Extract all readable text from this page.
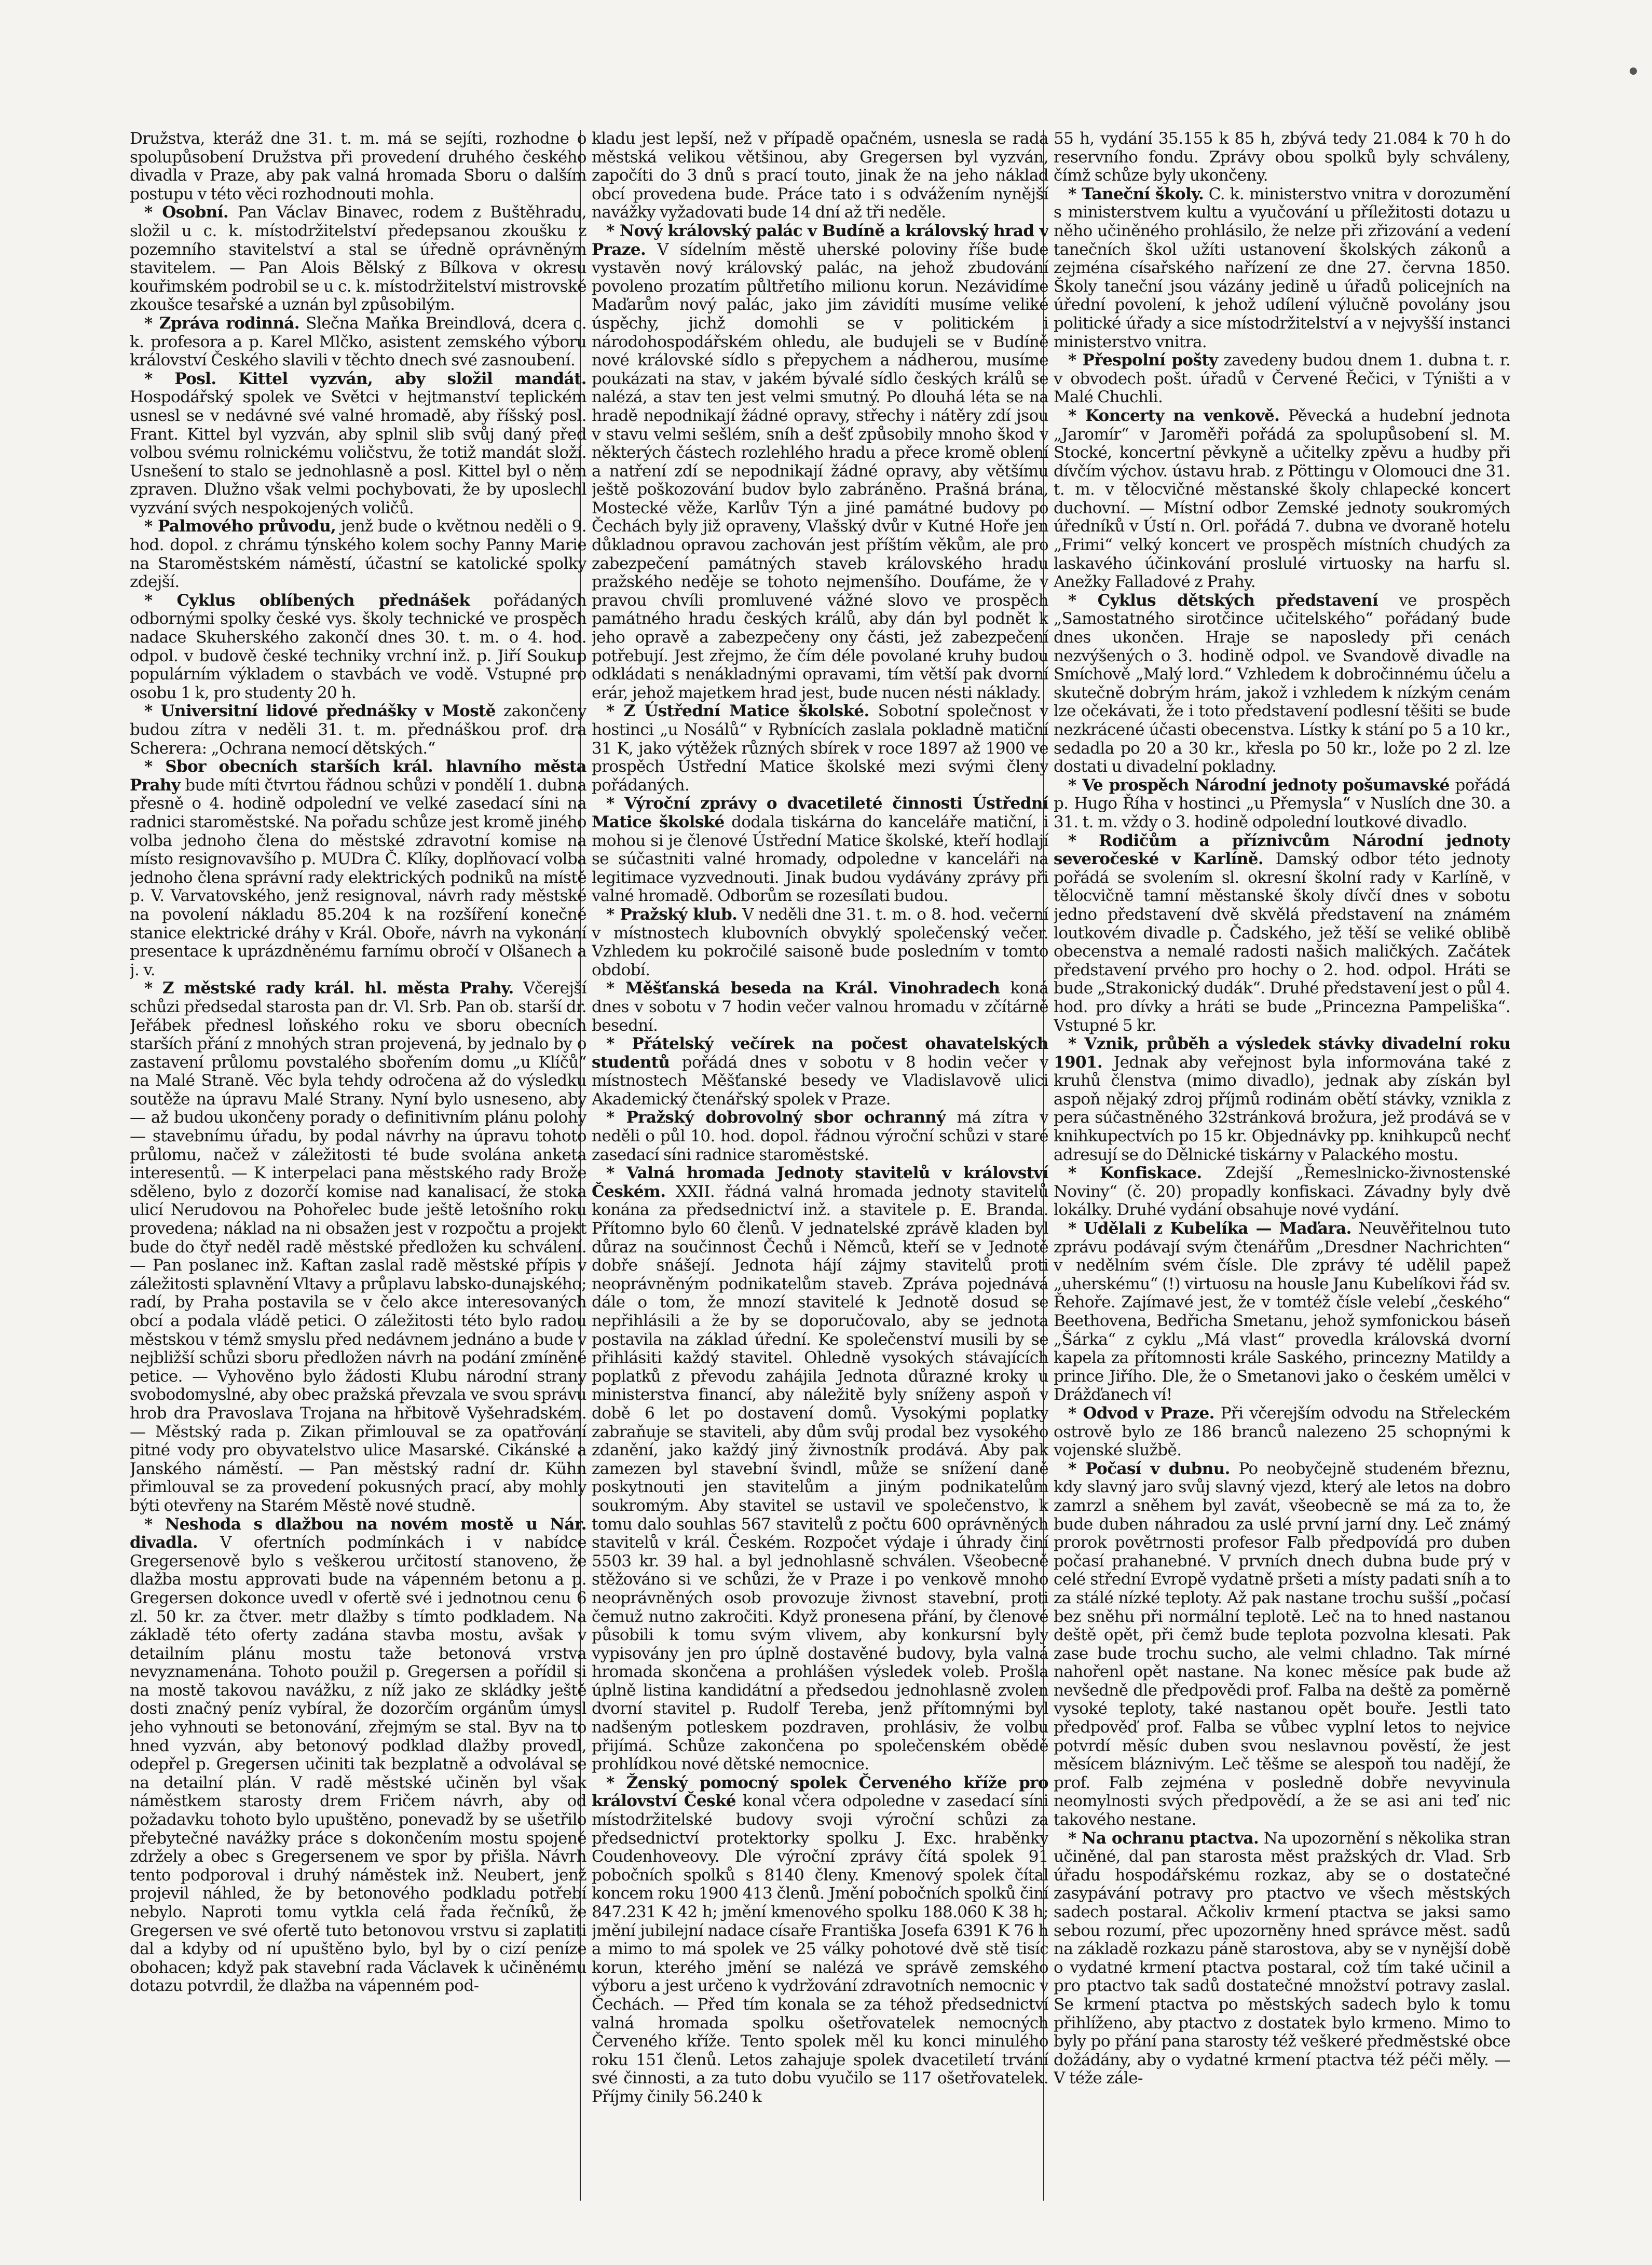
Družstva, kteráž dne 31. t. m. má se sejíti, rozhodne o spolupůsobení Družstva při provedení druhého českého divadla v Praze, aby pak valná hromada Sboru o dalším postupu v této věci rozhodnouti mohla.

* Osobní. Pan Václav Binavec, rodem z Buštěhradu, složil u c. k. místodržitelství předepsanou zkoušku z pozemního stavitelství a stal se úředně oprávněným stavitelem. — Pan Alois Bělský z Bílkova v okresu kouřimském podrobil se u c. k. místodržitelství mistrovské zkoušce tesařské a uznán byl způsobilým.

* Zpráva rodinná. Slečna Maňka Breindlová, dcera c. k. profesora a p. Karel Mlčko, asistent zemského výboru království Českého slavili v těchto dnech své zasnoubení.

* Posl. Kittel vyzván, aby složil mandát. Hospodářský spolek ve Světci v hejtmanství teplickém usnesl se v nedávné své valné hromadě, aby říšský posl. Frant. Kittel byl vyzván, aby splnil slib svůj daný před volbou svému rolnickému voličstvu, že totiž mandát složí. Usnešení to stalo se jednohlasně a posl. Kittel byl o něm zpraven. Dlužno však velmi pochybovati, že by uposlechl vyzvání svých nespokojených voličů.

* Palmového průvodu, jenž bude o květnou neděli o 9. hod. dopol. z chrámu týnského kolem sochy Panny Marie na Staroměstském náměstí, účastní se katolické spolky zdejší.

* Cyklus oblíbených přednášek pořádaných odbornými spolky české vys. školy technické ve prospěch nadace Skuherského zakončí dnes 30. t. m. o 4. hod. odpol. v budově české techniky vrchní inž. p. Jiří Soukup populárním výkladem o stavbách ve vodě. Vstupné pro osobu 1 k, pro studenty 20 h.

* Universitní lidové přednášky v Mostě zakončeny budou zítra v neděli 31. t. m. přednáškou prof. dra Scherera: „Ochrana nemocí dětských.“

* Sbor obecních starších král. hlavního města Prahy bude míti čtvrtou řádnou schůzi v pondělí 1. dubna přesně o 4. hodině odpolední ve velké zasedací síni na radnici staroměstské. Na pořadu schůze jest kromě jiného volba jednoho člena do městské zdravotní komise na místo resignovavšího p. MUDra Č. Klíky, doplňovací volba jednoho člena správní rady elektrických podniků na místě p. V. Varvatovského, jenž resignoval, návrh rady městské na povolení nákladu 85.204 k na rozšíření konečné stanice elektrické dráhy v Král. Oboře, návrh na vykonání presentace k uprázdněnému farnímu obročí v Olšanech a j. v.

* Z městské rady král. hl. města Prahy. Včerejší schůzi předsedal starosta pan dr. Vl. Srb. Pan ob. starší dr. Jeřábek přednesl loňského roku ve sboru obecních starších přání z mnohých stran projevená, by jednalo by o zastavení průlomu povstalého sbořením domu „u Klíčů“ na Malé Straně. Věc byla tehdy odročena až do výsledku soutěže na úpravu Malé Strany. Nyní bylo usneseno, aby — až budou ukončeny porady o definitivním plánu polohy — stavebnímu úřadu, by podal návrhy na úpravu tohoto průlomu, načež v záležitosti té bude svolána anketa interesentů. — K interpelaci pana městského rady Brože sděleno, bylo z dozorčí komise nad kanalisací, že stoka ulicí Nerudovou na Pohořelec bude ještě letošního roku provedena; náklad na ni obsažen jest v rozpočtu a projekt bude do čtyř neděl radě městské předložen ku schválení. — Pan poslanec inž. Kaftan zaslal radě městské přípis v záležitosti splavnění Vltavy a průplavu labsko-dunajského; radí, by Praha postavila se v čelo akce interesovaných obcí a podala vládě petici. O záležitosti této bylo radou městskou v témž smyslu před nedávnem jednáno a bude v nejbližší schůzi sboru předložen návrh na podání zmíněné petice. — Vyhověno bylo žádosti Klubu národní strany svobodomyslné, aby obec pražská převzala ve svou správu hrob dra Pravoslava Trojana na hřbitově Vyšehradském. — Městský rada p. Zikan přimlouval se za opatřování pitné vody pro obyvatelstvo ulice Masarské. Cikánské a Janského náměstí. — Pan městský radní dr. Kühn přimlouval se za provedení pokusných prací, aby mohly býti otevřeny na Starém Městě nové studně.

* Neshoda s dlažbou na novém mostě u Nár. divadla. V ofertních podmínkách i v nabídce Gregersenově bylo s veškerou určitostí stanoveno, že dlažba mostu approvati bude na vápenném betonu a p. Gregersen dokonce uvedl v ofertě své i jednotnou cenu 6 zl. 50 kr. za čtver. metr dlažby s tímto podkladem. Na základě této oferty zadána stavba mostu, avšak v detailním plánu mostu taže betonová vrstva nevyznamenána. Tohoto použil p. Gregersen a pořídil si na mostě takovou navážku, z níž jako ze skládky ještě dosti značný peníz vybíral, že dozorčím orgánům úmysl jeho vyhnouti se betonování, zřejmým se stal. Byv na to hned vyzván, aby betonový podklad dlažby provedl, odepřel p. Gregersen učiniti tak bezplatně a odvolával se na detailní plán. V radě městské učiněn byl však náměstkem starosty drem Fričem návrh, aby od požadavku tohoto bylo upuštěno, ponevadž by se ušetřilo přebytečné navážky práce s dokončením mostu spojené zdržely a obec s Gregersenem ve spor by přišla. Návrh tento podporoval i druhý náměstek inž. Neubert, jenž projevil náhled, že by betonového podkladu potřebí nebylo. Naproti tomu vytkla celá řada řečníků, že Gregersen ve své ofertě tuto betonovou vrstvu si zaplatiti dal a kdyby od ní upuštěno bylo, byl by o cizí peníze obohacen; když pak stavební rada Václavek k učiněnému dotazu potvrdil, že dlažba na vápenném pod-

kladu jest lepší, než v případě opačném, usnesla se rada městská velikou většinou, aby Gregersen byl vyzván, započíti do 3 dnů s prací touto, jinak že na jeho náklad obcí provedena bude. Práce tato i s odvážením nynější navážky vyžadovati bude 14 dní až tři neděle.

* Nový královský palác v Budíně a královský hrad v Praze. V sídelním městě uherské poloviny říše bude vystavěn nový královský palác, na jehož zbudování povoleno prozatím půltřetího milionu korun. Nezávidíme Maďarům nový palác, jako jim závidíti musíme veliké úspěchy, jichž domohli se v politickém i národohospodářském ohledu, ale budujeli se v Budíně nové královské sídlo s přepychem a nádherou, musíme poukázati na stav, v jakém bývalé sídlo českých králů se nalézá, a stav ten jest velmi smutný. Po dlouhá léta se na hradě nepodnikají žádné opravy, střechy i nátěry zdí jsou v stavu velmi sešlém, sníh a dešť způsobily mnoho škod v některých částech rozlehlého hradu a přece kromě oblení a natření zdí se nepodnikají žádné opravy, aby většímu ještě poškozování budov bylo zabráněno. Prašná brána, Mostecké věže, Karlův Týn a jiné památné budovy po Čechách byly již opraveny, Vlašský dvůr v Kutné Hoře jen důkladnou opravou zachován jest příštím věkům, ale pro zabezpečení památných staveb královského hradu pražského neděje se tohoto nejmenšího. Doufáme, že v pravou chvíli promluvené vážné slovo ve prospěch památného hradu českých králů, aby dán byl podnět k jeho opravě a zabezpečeny ony části, jež zabezpečení potřebují. Jest zřejmo, že čím déle povolané kruhy budou odkládati s nenákladnými opravami, tím větší pak dvorní erár, jehož majetkem hrad jest, bude nucen nésti náklady.

* Z Ústřední Matice školské. Sobotní společnost v hostinci „u Nosálů“ v Rybnících zaslala pokladně matiční 31 K, jako výtěžek různých sbírek v roce 1897 až 1900 ve prospěch Ústřední Matice školské mezi svými členy pořádaných.

* Výroční zprávy o dvacetileté činnosti Ústřední Matice školské dodala tiskárna do kanceláře matiční, i mohou si je členové Ústřední Matice školské, kteří hodlají se súčastniti valné hromady, odpoledne v kanceláři na legitimace vyzvednouti. Jinak budou vydávány zprávy při valné hromadě. Odborům se rozesílati budou.

* Pražský klub. V neděli dne 31. t. m. o 8. hod. večerní v místnostech klubovních obvyklý společenský večer. Vzhledem ku pokročilé saisoně bude posledním v tomto období.

* Měšťanská beseda na Král. Vinohradech koná dnes v sobotu v 7 hodin večer valnou hromadu v zčítárně besední.

* Přátelský večírek na počest ohavatelských studentů pořádá dnes v sobotu v 8 hodin večer v místnostech Měšťanské besedy ve Vladislavově ulici Akademický čtenářský spolek v Praze.

* Pražský dobrovolný sbor ochranný má zítra v neděli o půl 10. hod. dopol. řádnou výroční schůzi v staré zasedací síni radnice staroměstské.

* Valná hromada Jednoty stavitelů v království Českém. XXII. řádná valná hromada jednoty stavitelů konána za předsednictví inž. a stavitele p. E. Brandа. Přítomno bylo 60 členů. V jednatelské zprávě kladen byl důraz na součinnost Čechů i Němců, kteří se v Jednotě dobře snášejí. Jednota hájí zájmy stavitelů proti neoprávněným podnikatelům staveb. Zpráva pojednává dále o tom, že mnozí stavitelé k Jednotě dosud se nepřihlásili a že by se doporučovalo, aby se jednota postavila na základ úřední. Ke společenství musili by se přihlásiti každý stavitel. Ohledně vysokých stávajících poplatků z převodu zahájila Jednota důrazné kroky u ministerstva financí, aby náležitě byly sníženy aspoň v době 6 let po dostavení domů. Vysokými poplatky zabraňuje se staviteli, aby dům svůj prodal bez vysokého zdanění, jako každý jiný živnostník prodává. Aby pak zamezen byl stavební švindl, může se snížení daně poskytnouti jen stavitelům a jiným podnikatelům soukromým. Aby stavitel se ustavil ve společenstvo, k tomu dalo souhlas 567 stavitelů z počtu 600 oprávněných stavitelů v král. Českém. Rozpočet výdaje i úhrady činí 5503 kr. 39 hal. a byl jednohlasně schválen. Všeobecně stěžováno si ve schůzi, že v Praze i po venkově mnoho neoprávněných osob provozuje živnost stavební, proti čemuž nutno zakročiti. Když pronesena přání, by členové působili k tomu svým vlivem, aby konkursní byly vypisovány jen pro úplně dostavěné budovy, byla valná hromada skončena a prohlášen výsledek voleb. Prošla úplně listina kandidátní a předsedou jednohlasně zvolen dvorní stavitel p. Rudolf Tereba, jenž přítomnými byl nadšeným potleskem pozdraven, prohlásiv, že volbu přijímá. Schůze zakončena po společenském obědě prohlídkou nové dětské nemocnice.

* Ženský pomocný spolek Červeného kříže pro království České konal včera odpoledne v zasedací síni místodržitelské budovy svoji výroční schůzi za předsednictví protektorky spolku J. Exc. hraběnky Coudenhoveovy. Dle výroční zprávy čítá spolek 91 pobočních spolků s 8140 členy. Kmenový spolek čítal koncem roku 1900 413 členů. Jmění pobočních spolků činí 847.231 K 42 h; jmění kmenového spolku 188.060 K 38 h; jmění jubilejní nadace císaře Františka Josefa 6391 K 76 h a mimo to má spolek ve 25 války pohotové dvě stě tisíc korun, kterého jmění se nalézá ve správě zemského výboru a jest určeno k vydržování zdravotních nemocnic v Čechách. — Před tím konala se za téhož předsednictví valná hromada spolku ošetřovatelek nemocných Červeného kříže. Tento spolek měl ku konci minulého roku 151 členů. Letos zahajuje spolek dvacetiletí trvání své činnosti, a za tuto dobu vyučilo se 117 ošetřovatelek. Příjmy činily 56.240 k

55 h, vydání 35.155 k 85 h, zbývá tedy 21.084 k 70 h do reservního fondu. Zprávy obou spolků byly schváleny, čímž schůze byly ukončeny.

* Taneční školy. C. k. ministerstvo vnitra v dorozumění s ministerstvem kultu a vyučování u příležitosti dotazu u něho učiněného prohlásilo, že nelze při zřizování a vedení tanečních škol užíti ustanovení školských zákonů a zejména císařského nařízení ze dne 27. června 1850. Školy taneční jsou vázány jedině u úřadů policejních na úřední povolení, k jehož udílení výlučně povolány jsou politické úřady a sice místodržitelství a v nejvyšší instanci ministerstvo vnitra.

* Přespolní pošty zavedeny budou dnem 1. dubna t. r. v obvodech pošt. úřadů v Červené Řečici, v Týništi a v Malé Chuchli.

* Koncerty na venkově. Pěvecká a hudební jednota „Jaromír“ v Jaroměři pořádá za spolupůsobení sl. M. Stocké, koncertní pěvkyně a učitelky zpěvu a hudby při dívčím výchov. ústavu hrab. z Pöttingu v Olomouci dne 31. t. m. v tělocvičné městanské školy chlapecké koncert duchovní. — Místní odbor Zemské jednoty soukromých úředníků v Ústí n. Orl. pořádá 7. dubna ve dvoraně hotelu „Frimi“ velký koncert ve prospěch místních chudých za laskavého účinkování proslulé virtuosky na harfu sl. Anežky Falladové z Prahy.

* Cyklus dětských představení ve prospěch „Samostatného sirotčince učitelského“ pořádaný bude dnes ukončen. Hraje se naposledy při cenách nezvýšených o 3. hodině odpol. ve Svandově divadle na Smíchově „Malý lord.“ Vzhledem k dobročinnému účelu a skutečně dobrým hrám, jakož i vzhledem k nízkým cenám lze očekávati, že i toto představení podlesní těšiti se bude nezkrácené účasti obecenstva. Lístky k stání po 5 a 10 kr., sedadla po 20 a 30 kr., křesla po 50 kr., lože po 2 zl. lze dostati u divadelní pokladny.

* Ve prospěch Národní jednoty pošumavské pořádá p. Hugo Říha v hostinci „u Přemysla“ v Nuslích dne 30. a 31. t. m. vždy o 3. hodině odpolední loutkové divadlo.

* Rodičům a příznivcům Národní jednoty severočeské v Karlíně. Damský odbor této jednoty pořádá se svolením sl. okresní školní rady v Karlíně, v tělocvičně tamní městanské školy dívčí dnes v sobotu jedno představení dvě skvělá představení na známém loutkovém divadle p. Čadského, jež těší se veliké oblibě obecenstva a nemalé radosti našich maličkých. Začátek představení prvého pro hochy o 2. hod. odpol. Hráti se bude „Strakonický dudák“. Druhé představení jest o půl 4. hod. pro dívky a hráti se bude „Princezna Pampeliška“. Vstupné 5 kr.

* Vznik, průběh a výsledek stávky divadelní roku 1901. Jednak aby veřejnost byla informována také z kruhů členstva (mimo divadlo), jednak aby získán byl aspoň nějaký zdroj příjmů rodinám obětí stávky, vznikla z pera súčastněného 32stránková brožura, jež prodává se v knihkupectvích po 15 kr. Objednávky pp. knihkupců nechť adresují se do Dělnické tiskárny v Palackého mostu.

* Konfiskace. Zdejší „Řemeslnicko-živnostenské Noviny“ (č. 20) propadly konfiskaci. Závadny byly dvě lokálky. Druhé vydání obsahuje nové vydání.

* Udělali z Kubelíka — Maďara. Neuvěřitelnou tuto zprávu podávají svým čtenářům „Dresdner Nachrichten“ v nedělním svém čísle. Dle zprávy té udělil papež „uherskému“ (!) virtuosu na housle Janu Kubelíkovi řád sv. Řehoře. Zajímavé jest, že v tomtéž čísle velebí „českého“ Beethovena, Bedřicha Smetanu, jehož symfonickou báseň „Šárka“ z cyklu „Má vlast“ provedla královská dvorní kapela za přítomnosti krále Saského, princezny Matildy a prince Jiřího. Dle, že o Smetanovi jako o českém umělci v Drážďanech ví!

* Odvod v Praze. Při včerejším odvodu na Střeleckém ostrově bylo ze 186 branců nalezeno 25 schopnými k vojenské službě.

* Počasí v dubnu. Po neobyčejně studeném březnu, kdy slavný jaro svůj slavný vjezd, který ale letos na dobro zamrzl a sněhem byl zavát, všeobecně se má za to, že bude duben náhradou za uslé první jarní dny. Leč známý prorok povětrnosti profesor Falb předpovídá pro duben počasí prahanebné. V prvních dnech dubna bude prý v celé střední Evropě vydatně pršeti a místy padati sníh a to za stálé nízké teploty. Až pak nastane trochu sušší „počasí bez sněhu při normální teplotě. Leč na to hned nastanou deště opět, při čemž bude teplota pozvolna klesati. Pak zase bude trochu sucho, ale velmi chladno. Tak mírné nahořenl opět nastane. Na konec měsíce pak bude až nevšedně dle předpovědi prof. Falba na deště za poměrně vysoké teploty, také nastanou opět bouře. Jestli tato předpověď prof. Falba se vůbec vyplní letos to nejvice potvrdí měsíc duben svou neslavnou pověstí, že jest měsícem bláznivým. Leč těšme se alespoň tou nadějí, že prof. Falb zejména v posledně dobře nevyvinula neomylnosti svých předpovědí, a že se asi ani teď nic takového nestane.

* Na ochranu ptactva. Na upozornění s několika stran učiněné, dal pan starosta měst pražských dr. Vlad. Srb úřadu hospodářskému rozkaz, aby se o dostatečné zasypávání potravy pro ptactvo ve všech městských sadech postaral. Ačkoliv krmení ptactva se jaksi samo sebou rozumí, přec upozorněny hned správce měst. sadů na základě rozkazu páně starostova, aby se v nynější době o vydatné krmení ptactva postaral, což tím také učinil a pro ptactvo tak sadů dostatečné množství potravy zaslal. Se krmení ptactva po městských sadech bylo k tomu přihlíženo, aby ptactvo z dostatek bylo krmeno. Mimo to byly po přání pana starosty též veškeré předměstské obce dožádány, aby o vydatné krmení ptactva též péči měly. — V téže zále-
